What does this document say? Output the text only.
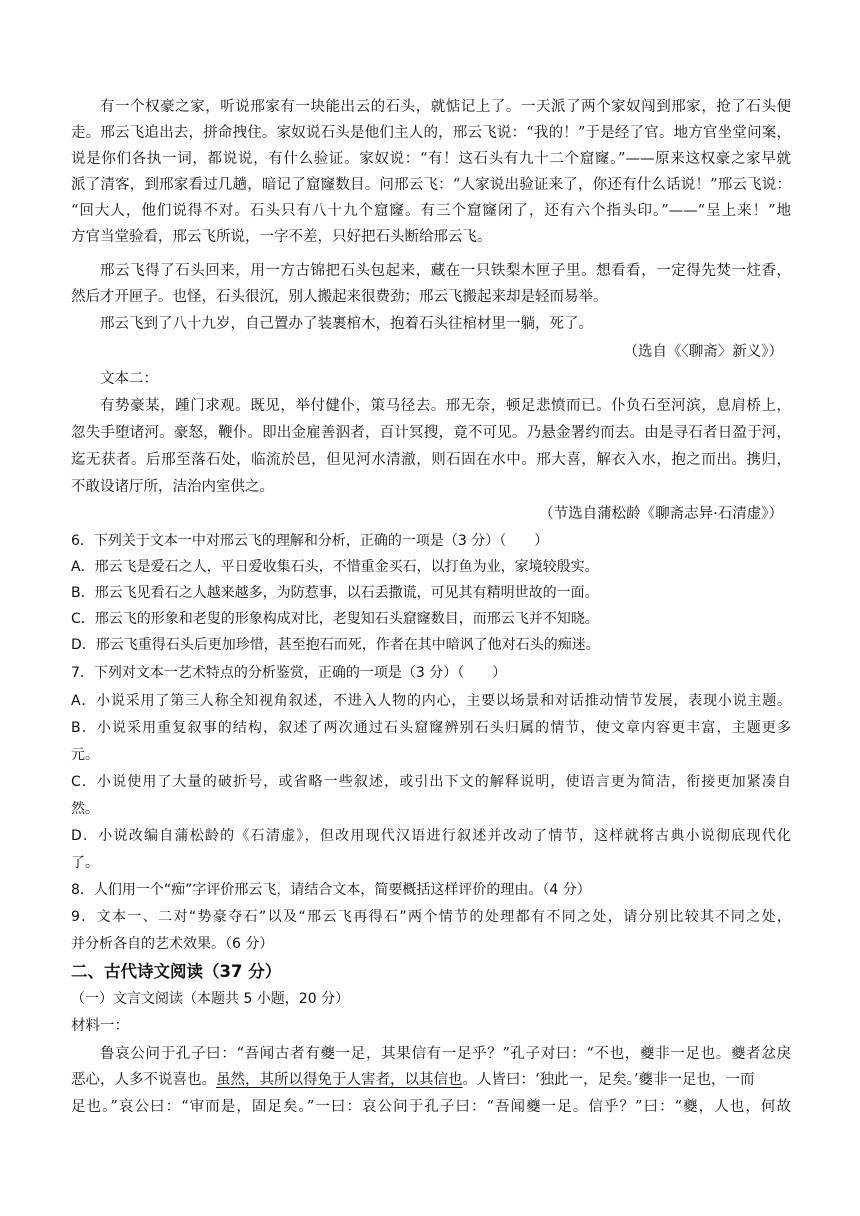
有一个权豪之家，听说邢家有一块能出云的石头，就惦记上了。一天派了两个家奴闯到邢家，抢了石头便
走。邢云飞追出去，拼命拽住。家奴说石头是他们主人的，邢云飞说：“我的！”于是经了官。地方官坐堂问案，
说是你们各执一词，都说说，有什么验证。家奴说：“有！这石头有九十二个窟窿。”——原来这权豪之家早就
派了清客，到邢家看过几趟，暗记了窟窿数目。问邢云飞：“人家说出验证来了，你还有什么话说！”邢云飞说：
“回大人，他们说得不对。石头只有八十九个窟窿。有三个窟窿闭了，还有六个指头印。”——“呈上来！”地
方官当堂验看，邢云飞所说，一字不差，只好把石头断给邢云飞。
邢云飞得了石头回来，用一方古锦把石头包起来，藏在一只铁梨木匣子里。想看看，一定得先焚一炷香，
然后才开匣子。也怪，石头很沉，别人搬起来很费劲；邢云飞搬起来却是轻而易举。
邢云飞到了八十九岁，自己置办了装裹棺木，抱着石头往棺材里一躺，死了。
（选自《〈聊斋〉新义》）
文本二：
有势豪某，踵门求观。既见，举付健仆，策马径去。邢无奈，顿足悲愤而已。仆负石至河滨，息肩桥上，
忽失手堕诸河。豪怒，鞭仆。即出金雇善泅者，百计冥搜，竟不可见。乃悬金署约而去。由是寻石者日盈于河，
迄无获者。后邢至落石处，临流於邑，但见河水清澈，则石固在水中。邢大喜，解衣入水，抱之而出。携归，
不敢设诸厅所，洁治内室供之。
（节选自蒲松龄《聊斋志异·石清虚》）
6．下列关于文本一中对邢云飞的理解和分析，正确的一项是（3 分）（　　）
A．邢云飞是爱石之人，平日爱收集石头，不惜重金买石，以打鱼为业，家境较殷实。
B．邢云飞见看石之人越来越多，为防惹事，以石丢撒谎，可见其有精明世故的一面。
C．邢云飞的形象和老叟的形象构成对比，老叟知石头窟窿数目，而邢云飞并不知晓。
D．邢云飞重得石头后更加珍惜，甚至抱石而死，作者在其中暗讽了他对石头的痴迷。
7．下列对文本一艺术特点的分析鉴赏，正确的一项是（3 分）（　　）
A．小说采用了第三人称全知视角叙述，不进入人物的内心，主要以场景和对话推动情节发展，表现小说主题。
B．小说采用重复叙事的结构，叙述了两次通过石头窟窿辨别石头归属的情节，使文章内容更丰富，主题更多
元。
C．小说使用了大量的破折号，或省略一些叙述，或引出下文的解释说明，使语言更为简洁，衔接更加紧凑自
然。
D．小说改编自蒲松龄的《石清虚》，但改用现代汉语进行叙述并改动了情节，这样就将古典小说彻底现代化
了。
8．人们用一个“痴”字评价邢云飞，请结合文本，简要概括这样评价的理由。（4 分）
9．文本一、二对“势豪夺石”以及“邢云飞再得石”两个情节的处理都有不同之处，请分别比较其不同之处，
并分析各自的艺术效果。（6 分）
二、古代诗文阅读（37 分）
（一）文言文阅读（本题共 5 小题，20 分）
材料一：
鲁哀公问于孔子曰：“吾闻古者有夔一足，其果信有一足乎？”孔子对曰：“不也，夔非一足也。夔者忿戾
恶心，人多不说喜也。虽然，其所以得免于人害者，以其信也。人皆曰：‘独此一，足矣。’夔非一足也，一而
足也。”哀公曰：“审而是，固足矣。”一曰：哀公问于孔子曰：“吾闻夔一足。信乎？”曰：“夔，人也，何故
